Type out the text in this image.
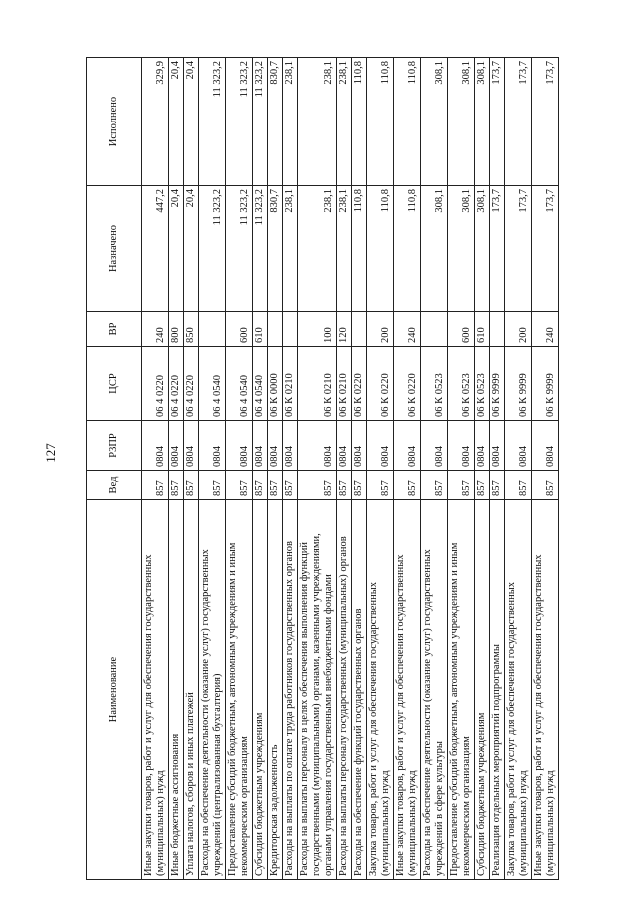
127
Наименование	Вед	Р3ПР	ЦСР	ВР	Назначено	Исполнено
Иные закупки товаров, работ и услуг для обеспечения государственных (муниципальных) нужд	857	0804	06 4 0220	240	447,2	329,9
Иные бюджетные ассигнования	857	0804	06 4 0220	800	20,4	20,4
Уплата налогов, сборов и иных платежей	857	0804	06 4 0220	850	20,4	20,4
Расходы на обеспечение деятельности (оказание услуг) государственных учреждений (централизованная бухгалтерия)	857	0804	06 4 0540		11 323,2	11 323,2
Предоставление субсидий бюджетным, автономным учреждениям и иным некоммерческим организациям	857	0804	06 4 0540	600	11 323,2	11 323,2
Субсидии бюджетным учреждениям	857	0804	06 4 0540	610	11 323,2	11 323,2
Кредиторская задолженность	857	0804	06 К 0000		830,7	830,7
Расходы на выплаты по оплате труда работников государственных органов	857	0804	06 К 0210		238,1	238,1
Расходы на выплаты персоналу в целях обеспечения выполнения функций государственными (муниципальными) органами, казенными учреждениями, органами управления государственными внебюджетными фондами	857	0804	06 К 0210	100	238,1	238,1
Расходы на выплаты персоналу государственных (муниципальных) органов	857	0804	06 К 0210	120	238,1	238,1
Расходы на обеспечение функций государственных органов	857	0804	06 К 0220		110,8	110,8
Закупка товаров, работ и услуг для обеспечения государственных (муниципальных) нужд	857	0804	06 К 0220	200	110,8	110,8
Иные закупки товаров, работ и услуг для обеспечения государственных (муниципальных) нужд	857	0804	06 К 0220	240	110,8	110,8
Расходы на обеспечение деятельности (оказание услуг) государственных учреждений в сфере культуры	857	0804	06 К 0523		308,1	308,1
Предоставление субсидий бюджетным, автономным учреждениям и иным некоммерческим организациям	857	0804	06 К 0523	600	308,1	308,1
Субсидии бюджетным учреждениям	857	0804	06 К 0523	610	308,1	308,1
Реализация отдельных мероприятий подпрограммы	857	0804	06 К 9999		173,7	173,7
Закупка товаров, работ и услуг для обеспечения государственных (муниципальных) нужд	857	0804	06 К 9999	200	173,7	173,7
Иные закупки товаров, работ и услуг для обеспечения государственных (муниципальных) нужд	857	0804	06 К 9999	240	173,7	173,7
